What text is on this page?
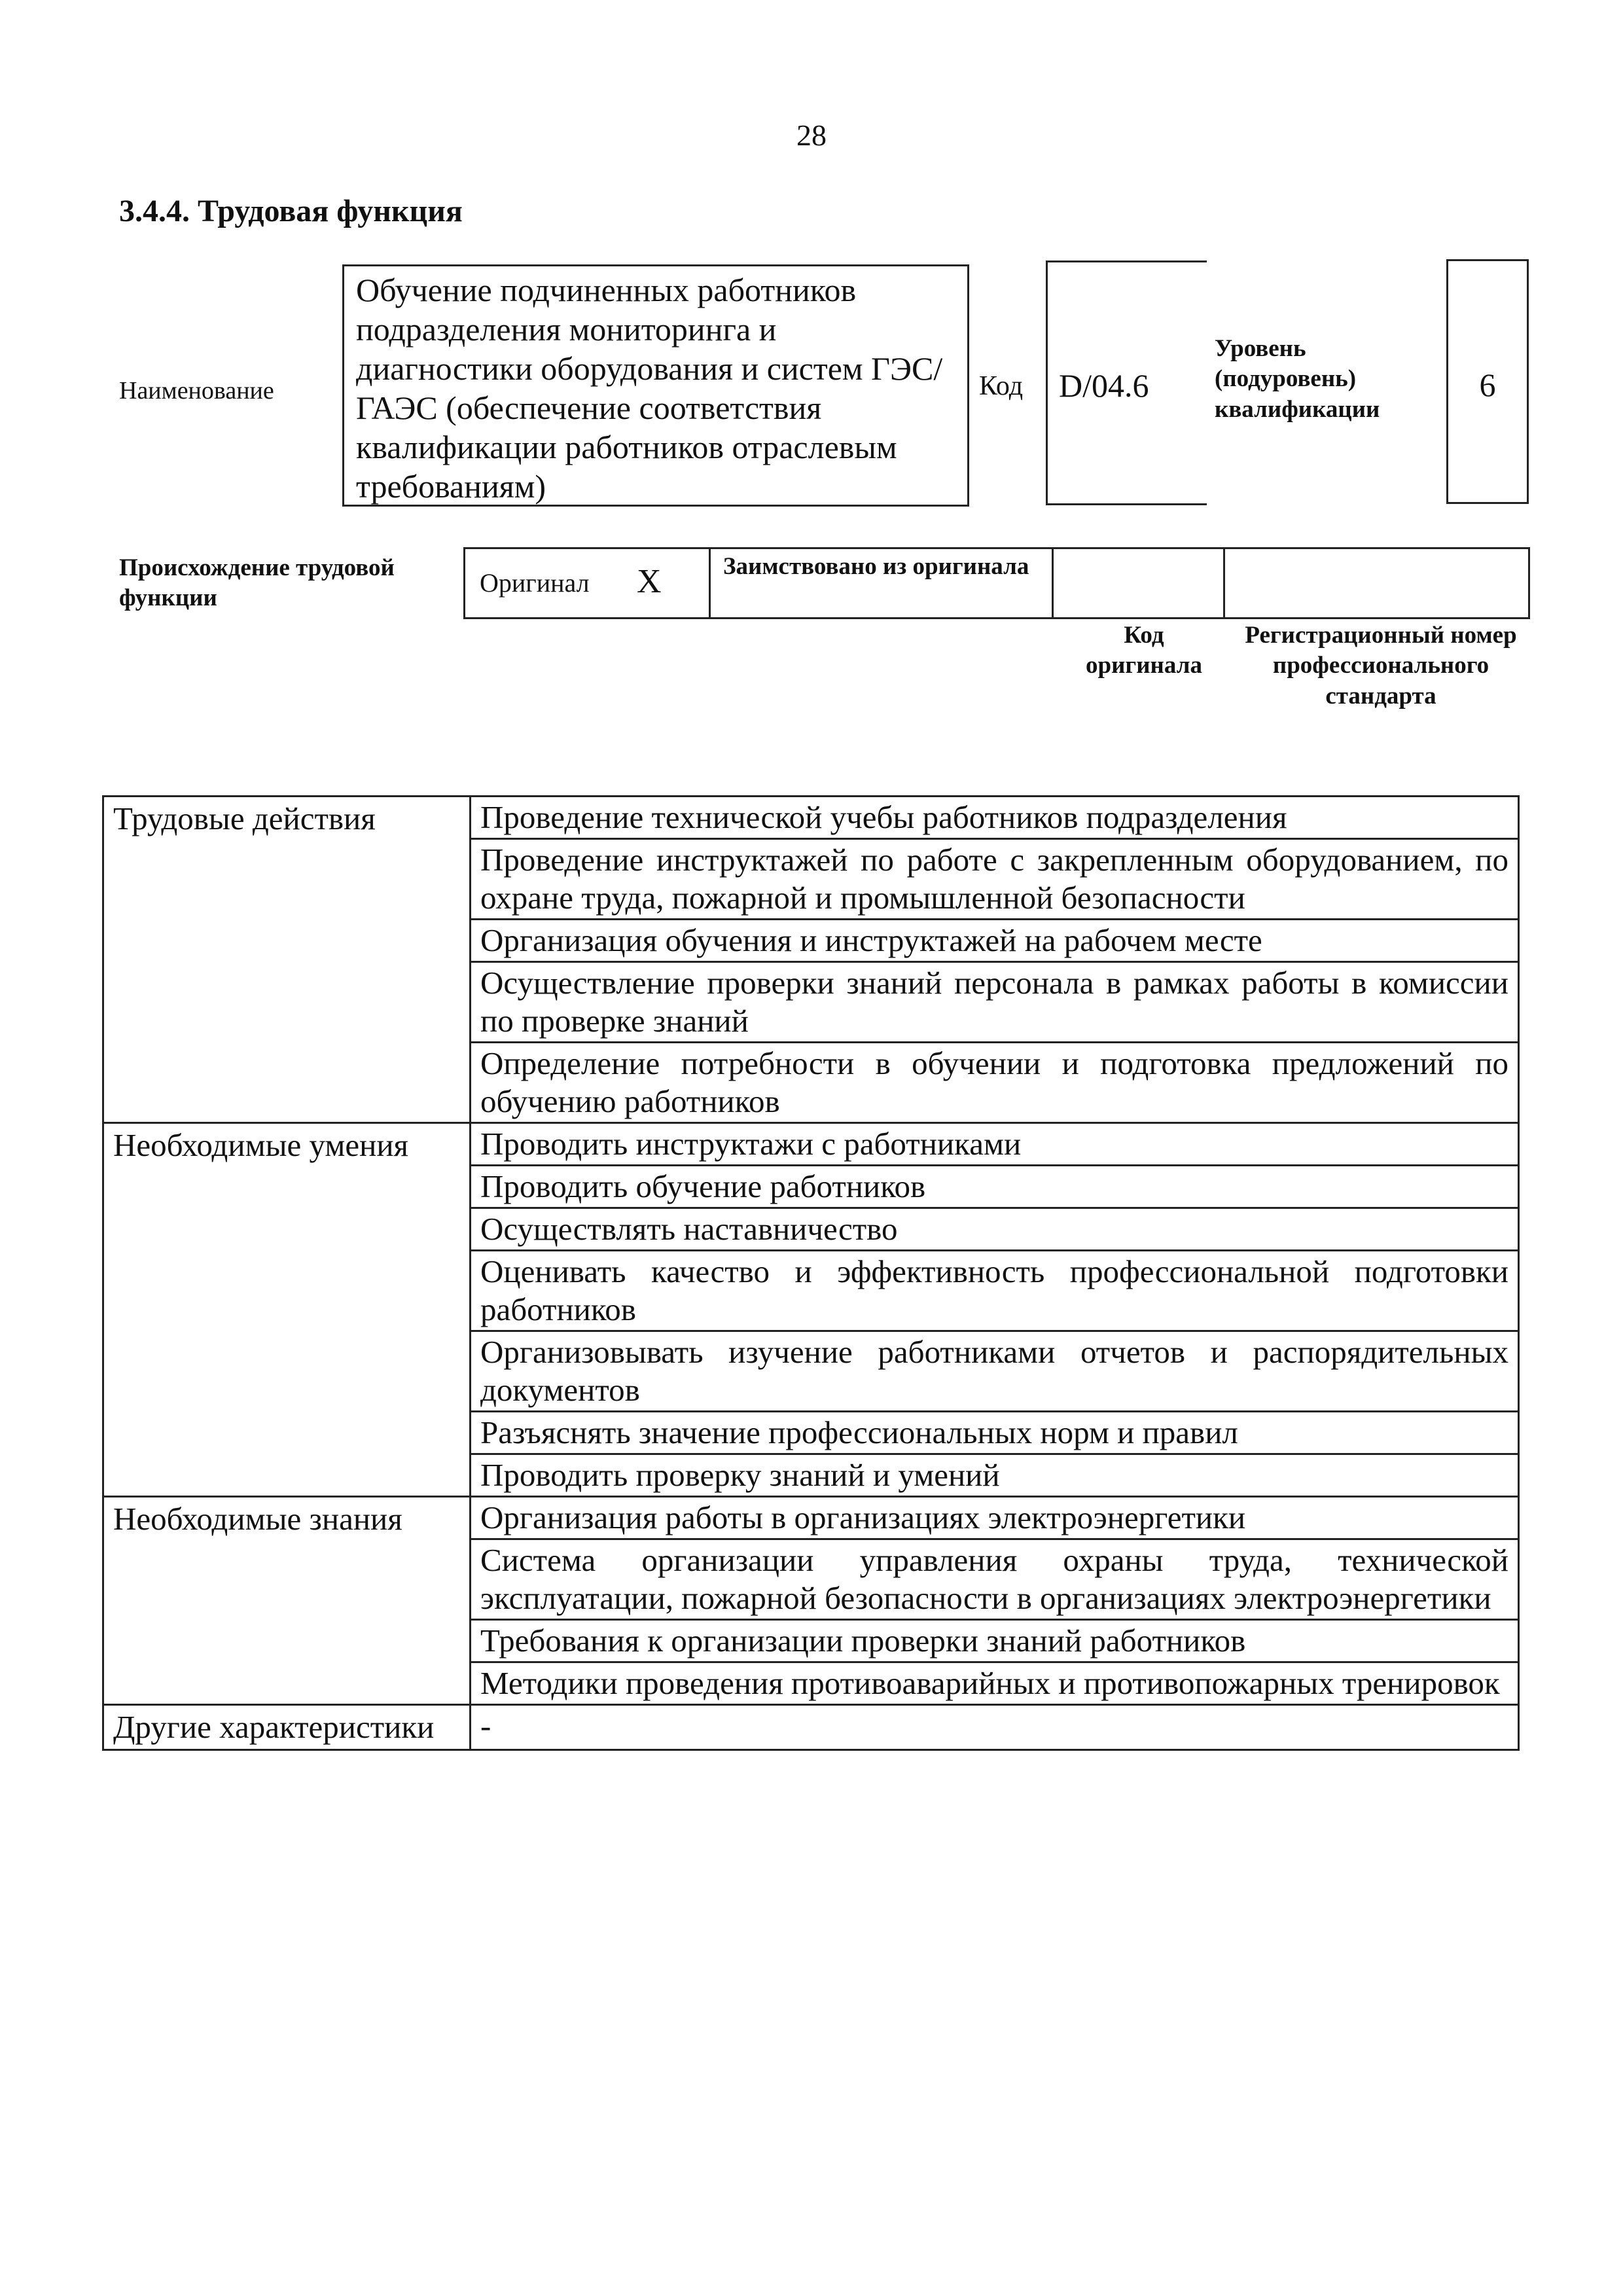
28
3.4.4. Трудовая функция
Наименование
Обучение подчиненных работников подразделения мониторинга и диагностики оборудования и систем ГЭС/ГАЭС (обеспечение соответствия квалификации работников отраслевым требованиям)
Код D/04.6
Уровень (подуровень) квалификации
6
Происхождение трудовой функции
Оригинал X	Заимствовано из оригинала
Код оригинала
Регистрационный номер профессионального стандарта
Трудовые действия	Проведение технической учебы работников подразделения
	Проведение инструктажей по работе с закрепленным оборудованием, по охране труда, пожарной и промышленной безопасности
	Организация обучения и инструктажей на рабочем месте
	Осуществление проверки знаний персонала в рамках работы в комиссии по проверке знаний
	Определение потребности в обучении и подготовка предложений по обучению работников
Необходимые умения	Проводить инструктажи с работниками
	Проводить обучение работников
	Осуществлять наставничество
	Оценивать качество и эффективность профессиональной подготовки работников
	Организовывать изучение работниками отчетов и распорядительных документов
	Разъяснять значение профессиональных норм и правил
	Проводить проверку знаний и умений
Необходимые знания	Организация работы в организациях электроэнергетики
	Система организации управления охраны труда, технической эксплуатации, пожарной безопасности в организациях электроэнергетики
	Требования к организации проверки знаний работников
	Методики проведения противоаварийных и противопожарных тренировок
Другие характеристики	-
